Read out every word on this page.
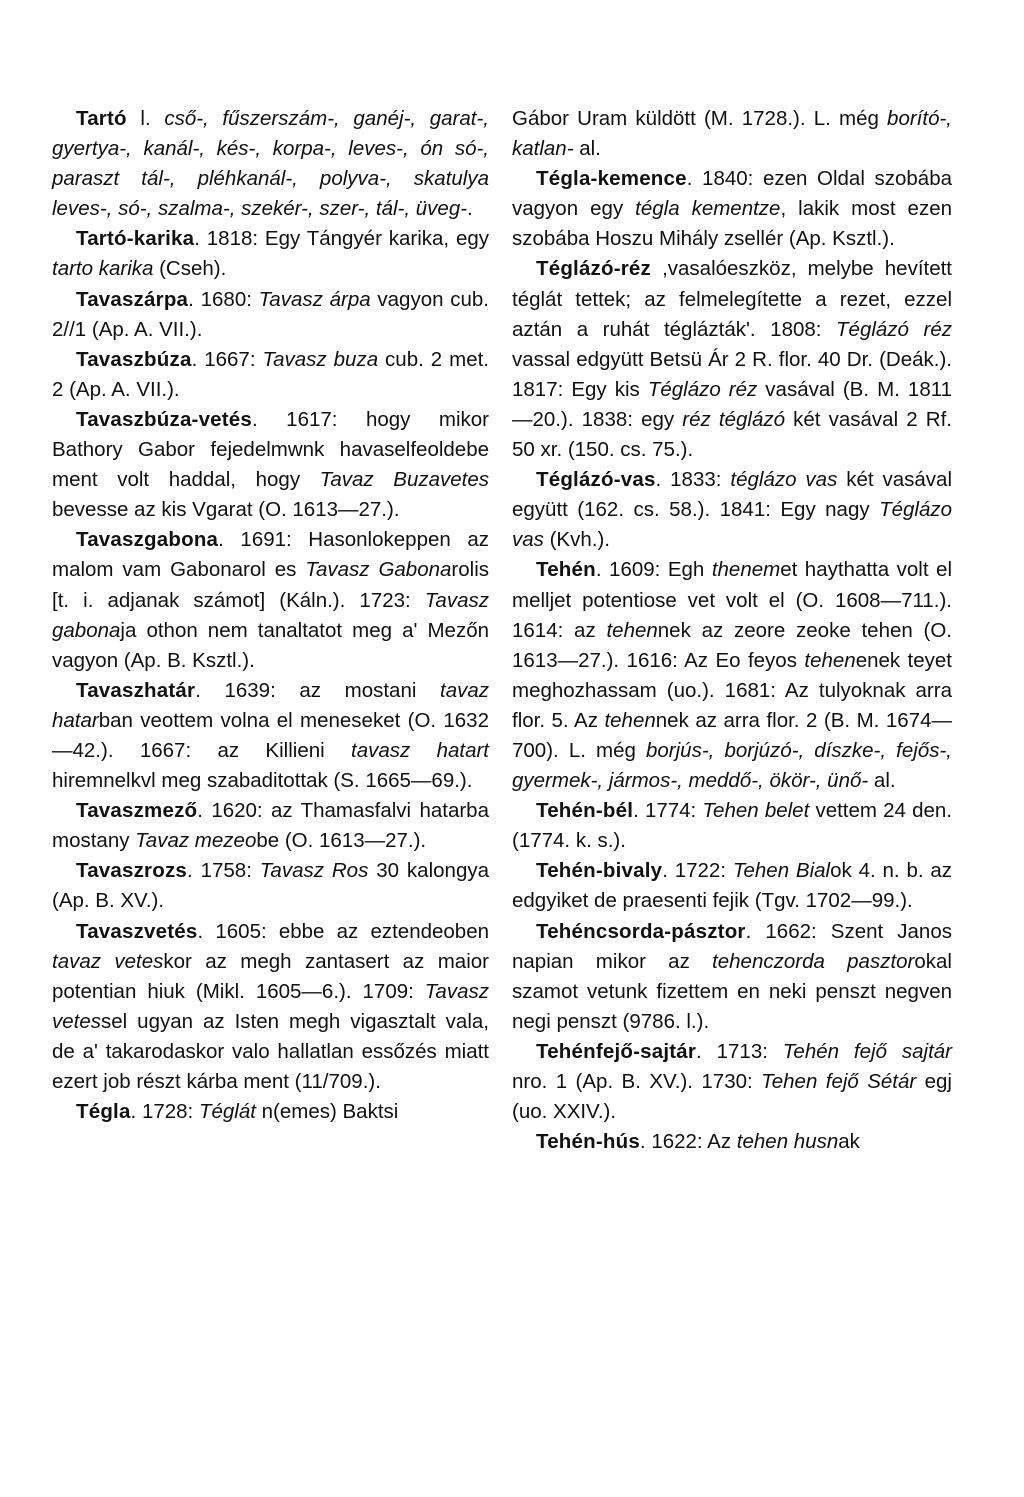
Tartó l. cső-, fűszerszám-, ganéj-, garat-, gyertya-, kanál-, kés-, korpa-, leves-, ón só-, paraszt tál-, pléhkanál-, polyva-, skatulya leves-, só-, szalma-, szekér-, szer-, tál-, üveg-.

Tartó-karika. 1818: Egy Tángyér karika, egy tarto karika (Cseh).

Tavaszárpa. 1680: Tavasz árpa vagyon cub. 2//1 (Ap. A. VII.).

Tavaszbúza. 1667: Tavasz buza cub. 2 met. 2 (Ap. A. VII.).

Tavaszbúza-vetés. 1617: hogy mikor Bathory Gabor fejedelmwnk havaselfeoldebe ment volt haddal, hogy Tavaz Buzavetes bevesse az kis Vgarat (O. 1613—27.).

Tavaszgabona. 1691: Hasonlokeppen az malom vam Gabonarol es Tavasz Gabonarolis [t. i. adjanak számot] (Káln.). 1723: Tavasz gabonaja othon nem tanaltatot meg a' Mezőn vagyon (Ap. B. Ksztl.).

Tavaszhatár. 1639: az mostani tavaz hatarban veottem volna el meneseket (O. 1632—42.). 1667: az Killieni tavasz hatart hiremnelkvl meg szabaditottak (S. 1665—69.).

Tavaszmező. 1620: az Thamasfalvi hatarba mostany Tavaz mezeobe (O. 1613—27.).

Tavaszrozs. 1758: Tavasz Ros 30 kalongya (Ap. B. XV.).

Tavaszvetés. 1605: ebbe az eztendeoben tavaz veteskor az megh zantasert az maior potentian hiuk (Mikl. 1605—6.). 1709: Tavasz vetessel ugyan az Isten megh vigasztalt vala, de a' takarodaskor valo hallatlan essőzés miatt ezert job részt kárba ment (11/709.).

Tégla. 1728: Téglát n(emes) Baktsi

Gábor Uram küldött (M. 1728.). L. még borító-, katlan- al.

Tégla-kemence. 1840: ezen Oldal szobába vagyon egy tégla kementze, lakik most ezen szobába Hoszu Mihály zsellér (Ap. Ksztl.).

Téglázó-réz ,vasalóeszköz, melybe hevített téglát tettek; az felmelegítette a rezet, ezzel aztán a ruhát téglázták'. 1808: Téglázó réz vassal edgyütt Betsü Ár 2 R. flor. 40 Dr. (Deák.). 1817: Egy kis Téglázo réz vasával (B. M. 1811—20.). 1838: egy réz téglázó két vasával 2 Rf. 50 xr. (150. cs. 75.).

Téglázó-vas. 1833: téglázo vas két vasával együtt (162. cs. 58.). 1841: Egy nagy Téglázo vas (Kvh.).

Tehén. 1609: Egh thenemet haythatta volt el melljet potentiose vet volt el (O. 1608—711.). 1614: az tehennek az zeore zeoke tehen (O. 1613—27.). 1616: Az Eo feyos tehenenek teyet meghozhassam (uo.). 1681: Az tulyoknak arra flor. 5. Az tehennek az arra flor. 2 (B. M. 1674—700). L. még borjús-, borjúzó-, díszke-, fejős-, gyermek-, jármos-, meddő-, ökör-, ünő- al.

Tehén-bél. 1774: Tehen belet vettem 24 den. (1774. k. s.).

Tehén-bivaly. 1722: Tehen Bialok 4. n. b. az edgyiket de praesenti fejik (Tgv. 1702—99.).

Tehéncsorda-pásztor. 1662: Szent Janos napian mikor az tehenczorda pasztorokal szamot vetunk fizettem en neki penszt negven negi penszt (9786. l.).

Tehénfejő-sajtár. 1713: Tehén fejő sajtár nro. 1 (Ap. B. XV.). 1730: Tehen fejő Sétár egj (uo. XXIV.).

Tehén-hús. 1622: Az tehen husnak
